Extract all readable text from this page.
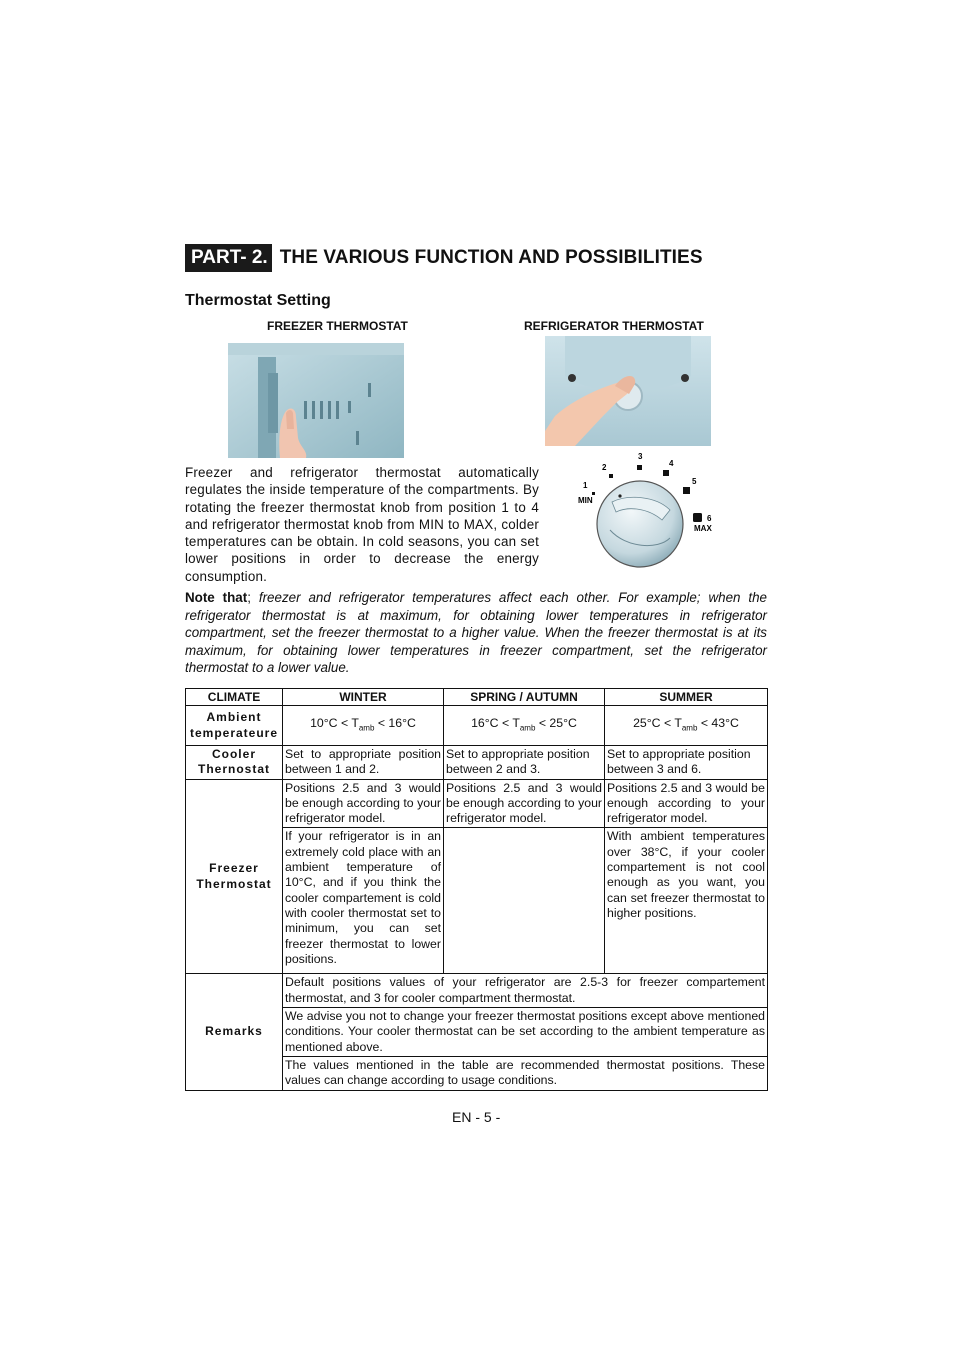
PART- 2. THE VARIOUS FUNCTION AND POSSIBILITIES
Thermostat Setting
FREEZER THERMOSTAT	REFRIGERATOR THERMOSTAT
Freezer and refrigerator thermostat automatically regulates the inside temperature of the compartments. By rotating the freezer thermostat knob from position 1 to 4 and refrigerator thermostat knob from MIN to MAX, colder temperatures can be obtain. In cold seasons, you can set lower positions in order to decrease the energy consumption.
1
2
3
4
5
6
MIN
MAX
Note that; freezer and refrigerator temperatures affect each other. For example; when the refrigerator thermostat is at maximum, for obtaining lower temperatures in refrigerator compartment, set the freezer thermostat to a higher value. When the freezer thermostat is at its maximum, for obtaining lower temperatures in freezer compartment, set the refrigerator thermostat to a lower value.
CLIMATE	WINTER	SPRING / AUTUMN	SUMMER
Ambient temperateure	$10^\circ C < T_{amb} < 16^\circ C$	$16^\circ C < T_{amb} < 25^\circ C$	$25^\circ C < T_{amb} < 43^\circ C$
Cooler Thernostat	Set to appropriate position between 1 and 2.	Set to appropriate position between 2 and 3.	Set to appropriate position between 3 and 6.
Freezer Thermostat	Positions 2.5 and 3 would be enough according to your refrigerator model.	Positions 2.5 and 3 would be enough according to your refrigerator model.	Positions 2.5 and 3 would be enough according to your refrigerator model.
	If your refrigerator is in an extremely cold place with an ambient temperature of 10°C, and if you think the cooler compartement is cold with cooler thermostat set to minimum, you can set freezer thermostat to lower positions.		With ambient temperatures over 38°C, if your cooler compartement is not cool enough as you want, you can set freezer thermostat to higher positions.
Remarks	Default positions values of your refrigerator are 2.5-3 for freezer compartement thermostat, and 3 for cooler compartment thermostat.		
	We advise you not to change your freezer thermostat positions except above mentioned conditions. Your cooler thermostat can be set according to the ambient temperature as mentioned above.		
	The values mentioned in the table are recommended thermostat positions. These values can change according to usage conditions.		
EN - 5 -
